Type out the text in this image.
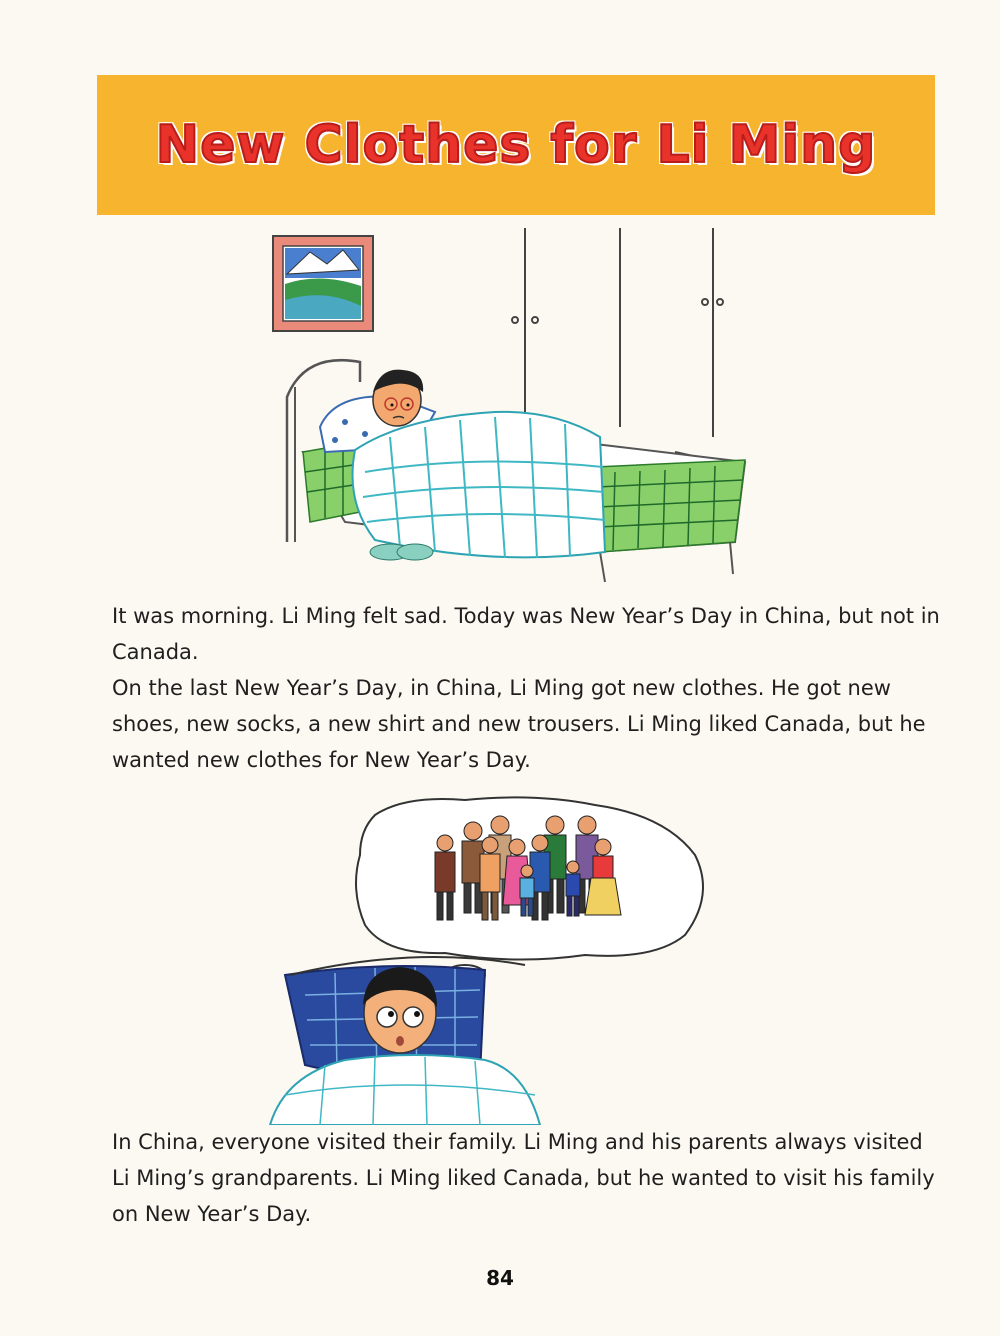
New Clothes for Li Ming

It was morning. Li Ming felt sad. Today was New Year’s Day in China, but not in Canada.

On the last New Year’s Day, in China, Li Ming got new clothes. He got new shoes, new socks, a new shirt and new trousers. Li Ming liked Canada, but he wanted new clothes for New Year’s Day.

In China, everyone visited their family. Li Ming and his parents always visited Li Ming’s grandparents. Li Ming liked Canada, but he wanted to visit his family on New Year’s Day.

84
